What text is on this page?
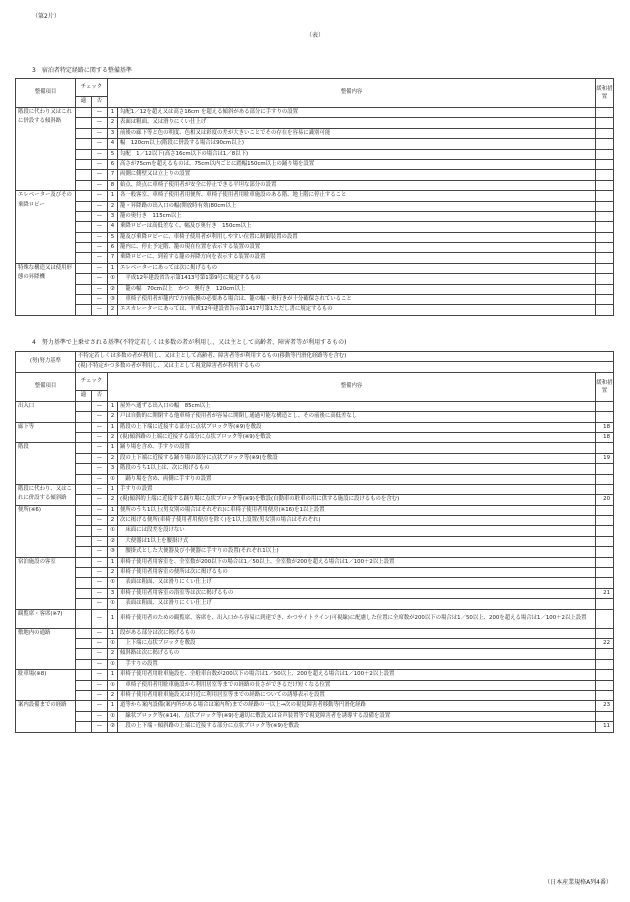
（第2片）
（表）
3　宿泊者特定経路に関する整備基準
整備項目	チェック		整備内容		緩和措置
	適	否			
階段に代わり又はこれに併設する傾斜路		—	1	勾配1／12を超え又は高さ16cm を超える傾斜がある部分に手すりの設置	
		—	2	表面は粗面、又は滑りにくい仕上げ	
		—	3	前後の廊下等と色の明度、色相又は彩度の差が大きいことでその存在を容易に識別可能	
		—	4	幅　120cm以上(階段に併設する場合は90cm以上)	
		—	5	勾配　1／12以下(高さ16cm以下の場合は1／8以下)	
		—	6	高さが75cmを超えるものは、75cm以内ごとに踏幅150cm以上の踊り場を設置	
		—	7	両側に側壁又は立上りの設置	
		—	8	始点、終点に車椅子使用者が安全に停止できる平坦な部分の設置	
エレベーター及びその乗降ロビー		—	1	各一般客室、車椅子使用者用便所、車椅子使用者用駐車施設のある階、地上階に停止すること	
		—	2	籠・昇降路の出入口の幅(開放時有効)80cm以上	
		—	3	籠の奥行き　115cm以上	
		—	4	乗降ロビーは高低差なく、幅及び奥行き　150cm以上	
		—	5	籠及び乗降ロビーに、車椅子使用者が利用しやすい位置に制御装置の設置	
		—	6	籠内に、停止予定階、籠の現在位置を表示する装置の設置	
		—	7	乗降ロビーに、到着する籠の昇降方向を表示する装置の設置	
特殊な構造又は使用形態の昇降機		—	1	エレベーターにあっては次に掲げるもの	
		—	①	　平成12年建設省告示第1413号第1第9号に規定するもの	
		—	②	　籠の幅　70cm以上　かつ　奥行き　120cm以上	
		—	③	　車椅子使用者が籠内で方向転換の必要ある場合は、籠の幅・奥行きが十分確保されていること	
		—	2	エスカレーターにあっては、平成12年建設省告示第1417号第1ただし書に規定するもの	
4　努力基準で上乗せされる基準(不特定若しくは多数の者が利用し、又は主として高齢者、障害者等が利用するもの)
(努)努力基準	不特定若しくは多数の者が利用し、又は主として高齢者、障害者等が利用するもの(移動等円滑化経路等を含む)				
	(視)不特定かつ多数の者が利用し、又は主として視覚障害者が利用するもの				
整備項目	チェック		整備内容		緩和措置
	適	否			
出入口		—	1	屋外へ通ずる出入口の幅　85cm以上	
		—	2	戸は自動的に開閉する他車椅子使用者が容易に開閉し通過可能な構造とし、その前後に高低差なし	
廊下等		—	1	階段の上下端に近接する部分に点状ブロック等(※9)を敷設	18
		—	2	(視)傾斜路の上端に近接する部分に点状ブロック等(※9)を敷設	18
階段		—	1	踊り場を含め、手すりの設置	
		—	2	段の上下端に近接する踊り場の部分に点状ブロック等(※9)を敷設	19
		—	3	階段のうち1以上は、次に掲げるもの	
		—	①	　踊り場を含め、両側に手すりの設置	
階段に代わり、又はこれに併設する傾斜路		—	1	手すりの設置	
		—	2	(視)傾斜的上端に近接する踊り場に点状ブロック等(※9)を敷設(自動車の駐車の用に供する施設に設けるものを含む)	20
便所(※6)		—	1	便所のうち1以上(男女別の場合はそれぞれ)に車椅子使用者用便房(※16)を1以上設置	
		—	2	次に掲げる便所(車椅子使用者用便房を除く)を1以上設置(男女別の場合はそれぞれ)	
		—	①	　床面には段差を設けない	
		—	②	　大便器は1以上を腰掛け式	
		—	③	　腰掛式とした大便器及び小便器に手すりの設置(それぞれ1以上)	
宿泊施設の客室		—	1	車椅子使用者用客室を、全室数が200以下の場合は1／50以上、全室数が200を超える場合は1／100＋2以上設置	
		—	2	車椅子使用者用客室の便所は次に掲げるもの	
		—	①	　表面は粗面、又は滑りにくい仕上げ	
		—	3	車椅子使用者用客室の浴室等は次に掲げるもの	21
		—	①	　表面は粗面、又は滑りにくい仕上げ	
観覧席・客席(※7)		—	1	車椅子使用者のための観覧席、客席を、出入口から容易に到達でき、かつサイトライン(可視線)に配慮した位置に全席数が200以下の場合は1／50以上、200を超える場合は1／100＋2以上設置	
敷地内の通路		—	1	段がある部分は次に掲げるもの	
		—	①	　上下端に点状ブロックを敷設	22
		—	2	傾斜路は次に掲げるもの	
		—	①	　手すりの設置	
駐車場(※8)		—	1	車椅子使用者用駐車施設を、全駐車台数が200以下の場合は1／50以上、200を超える場合は1／100＋2以上設置	
		—	①	　車椅子使用者用駐車施設から利用居室等までの経路の長さができるだけ短くなる位置	
		—	2	車椅子使用者用駐車施設又は付近に利用居室等までの経路についての誘導表示を設置	
案内設備までの経路		—	1	道等から案内設備(案内所がある場合は案内所)までの経路の一以上→次の視覚障害者移動等円滑化経路	23
		—	①	　線状ブロック等(※14)、点状ブロック等(※9)を適切に敷設又は音声装置等で視覚障害者を誘導する設備を設置	
		—	②	　段の上下端・傾斜路の上端に近接する部分に点状ブロック等(※9)を敷設	11
（日本産業規格A列4番）
